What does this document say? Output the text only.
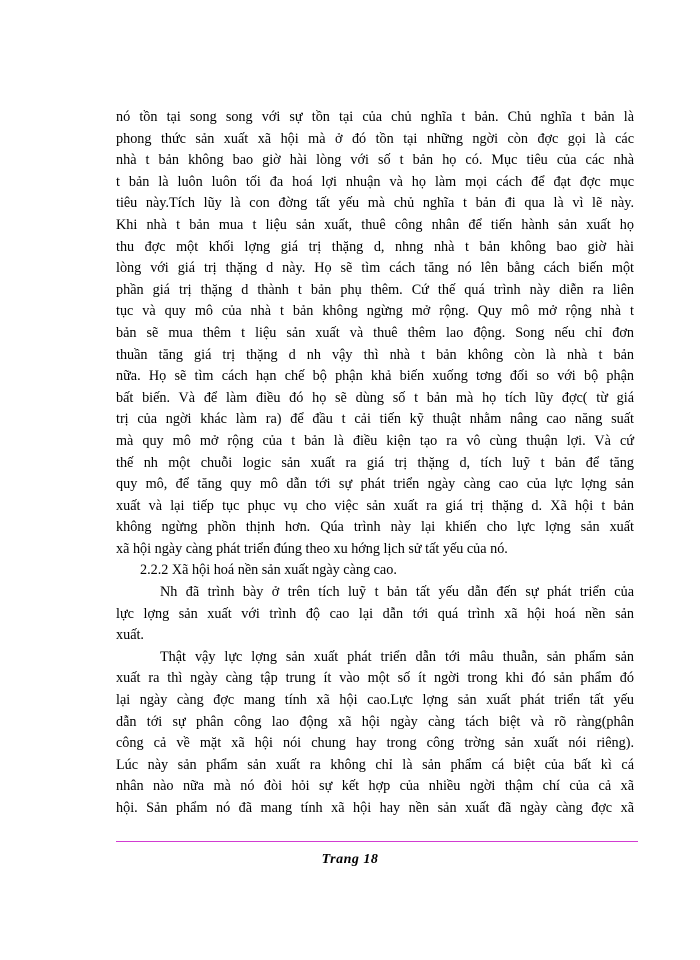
nó tồn tại song song với sự tồn tại của chủ nghĩa t bản. Chủ nghĩa t bản là
phong thức sản xuất xã hội mà ở đó tồn tại những ngời còn đợc gọi là các
nhà t bản không bao giờ hài lòng với số t bản họ có. Mục tiêu của các nhà
t bản là luôn luôn tối đa hoá lợi nhuận và họ làm mọi cách để đạt đợc mục
tiêu này.Tích lũy là con đờng tất yếu mà chủ nghĩa t bản đi qua là vì lẽ này.
Khi nhà t bản mua t liệu sản xuất, thuê công nhân để tiến hành sản xuất họ
thu đợc một khối lợng giá trị thặng d, nhng nhà t bản không bao giờ hài
lòng với giá trị thặng d này. Họ sẽ tìm cách tăng nó lên bằng cách biến một
phần giá trị thặng d thành t bản phụ thêm. Cứ thế quá trình này diễn ra liên
tục và quy mô của nhà t bản không ngừng mở rộng. Quy mô mở rộng nhà t
bản sẽ mua thêm t liệu sản xuất và thuê thêm lao động. Song nếu chỉ đơn
thuần tăng giá trị thặng d nh vậy thì nhà t bản không còn là nhà t bản
nữa. Họ sẽ tìm cách hạn chế bộ phận khả biến xuống tơng đối so với bộ phận
bất biến. Và để làm điều đó họ sẽ dùng số t bản mà họ tích lũy đợc( từ giá
trị của ngời khác làm ra) để đầu t cải tiến kỹ thuật nhằm nâng cao năng suất
mà quy mô mở rộng của t bản là điều kiện tạo ra vô cùng thuận lợi. Và cứ
thế nh một chuỗi logic sản xuất ra giá trị thặng d, tích luỹ t bản để tăng
quy mô, để tăng quy mô dẫn tới sự phát triển ngày càng cao của lực lợng sản
xuất và lại tiếp tục phục vụ cho việc sản xuất ra giá trị thặng d. Xã hội t bản
không ngừng phồn thịnh hơn. Qúa trình này lại khiến cho lực lợng sản xuất
xã hội ngày càng phát triển đúng theo xu hớng lịch sử tất yếu của nó.
2.2.2 Xã hội hoá nền sản xuất ngày càng cao.
Nh đã trình bày ở trên tích luỹ t bản tất yếu dẫn đến sự phát triển của
lực lợng sản xuất với trình độ cao lại dẫn tới quá trình xã hội hoá nền sản
xuất.
Thật vậy lực lợng sản xuất phát triển dẫn tới mâu thuẫn, sản phẩm sản
xuất ra thì ngày càng tập trung ít vào một số ít ngời trong khi đó sản phẩm đó
lại ngày càng đợc mang tính xã hội cao.Lực lợng sản xuất phát triển tất yếu
dẫn tới sự phân công lao động xã hội ngày càng tách biệt và rõ ràng(phân
công cả về mặt xã hội nói chung hay trong công trờng sản xuất nói riêng).
Lúc này sản phẩm sản xuất ra không chỉ là sản phẩm cá biệt của bất kì cá
nhân nào nữa mà nó đòi hỏi sự kết hợp của nhiều ngời thậm chí của cả xã
hội. Sản phẩm nó đã mang tính xã hội hay nền sản xuất đã ngày càng đợc xã
Trang 18
